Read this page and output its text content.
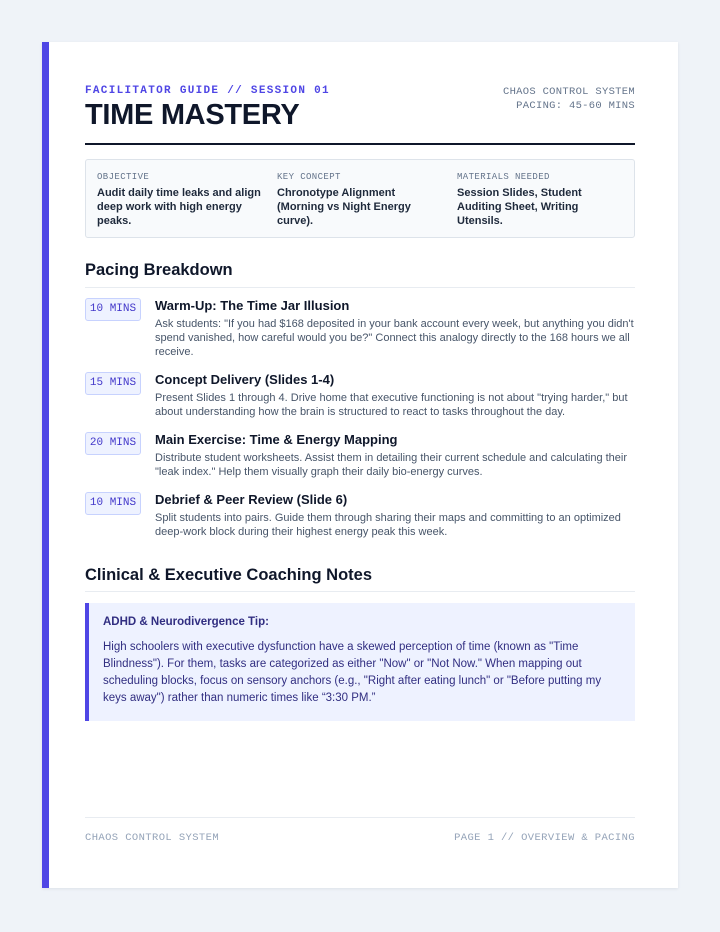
FACILITATOR GUIDE // SESSION 01
TIME MASTERY
CHAOS CONTROL SYSTEM
PACING: 45-60 MINS
OBJECTIVE
Audit daily time leaks and align deep work with high energy peaks.
KEY CONCEPT
Chronotype Alignment (Morning vs Night Energy curve).
MATERIALS NEEDED
Session Slides, Student Auditing Sheet, Writing Utensils.
Pacing Breakdown
10 MINS	Warm-Up: The Time Jar Illusion
Ask students: "If you had $168 deposited in your bank account every week, but anything you didn't spend vanished, how careful would you be?" Connect this analogy directly to the 168 hours we all receive.
15 MINS	Concept Delivery (Slides 1-4)
Present Slides 1 through 4. Drive home that executive functioning is not about "trying harder," but about understanding how the brain is structured to react to tasks throughout the day.
20 MINS	Main Exercise: Time & Energy Mapping
Distribute student worksheets. Assist them in detailing their current schedule and calculating their "leak index." Help them visually graph their daily bio-energy curves.
10 MINS	Debrief & Peer Review (Slide 6)
Split students into pairs. Guide them through sharing their maps and committing to an optimized deep-work block during their highest energy peak this week.
Clinical & Executive Coaching Notes
ADHD & Neurodivergence Tip:
High schoolers with executive dysfunction have a skewed perception of time (known as "Time Blindness"). For them, tasks are categorized as either "Now" or "Not Now." When mapping out scheduling blocks, focus on sensory anchors (e.g., "Right after eating lunch" or "Before putting my keys away") rather than numeric times like “3:30 PM.”
CHAOS CONTROL SYSTEM	PAGE 1 // OVERVIEW & PACING
